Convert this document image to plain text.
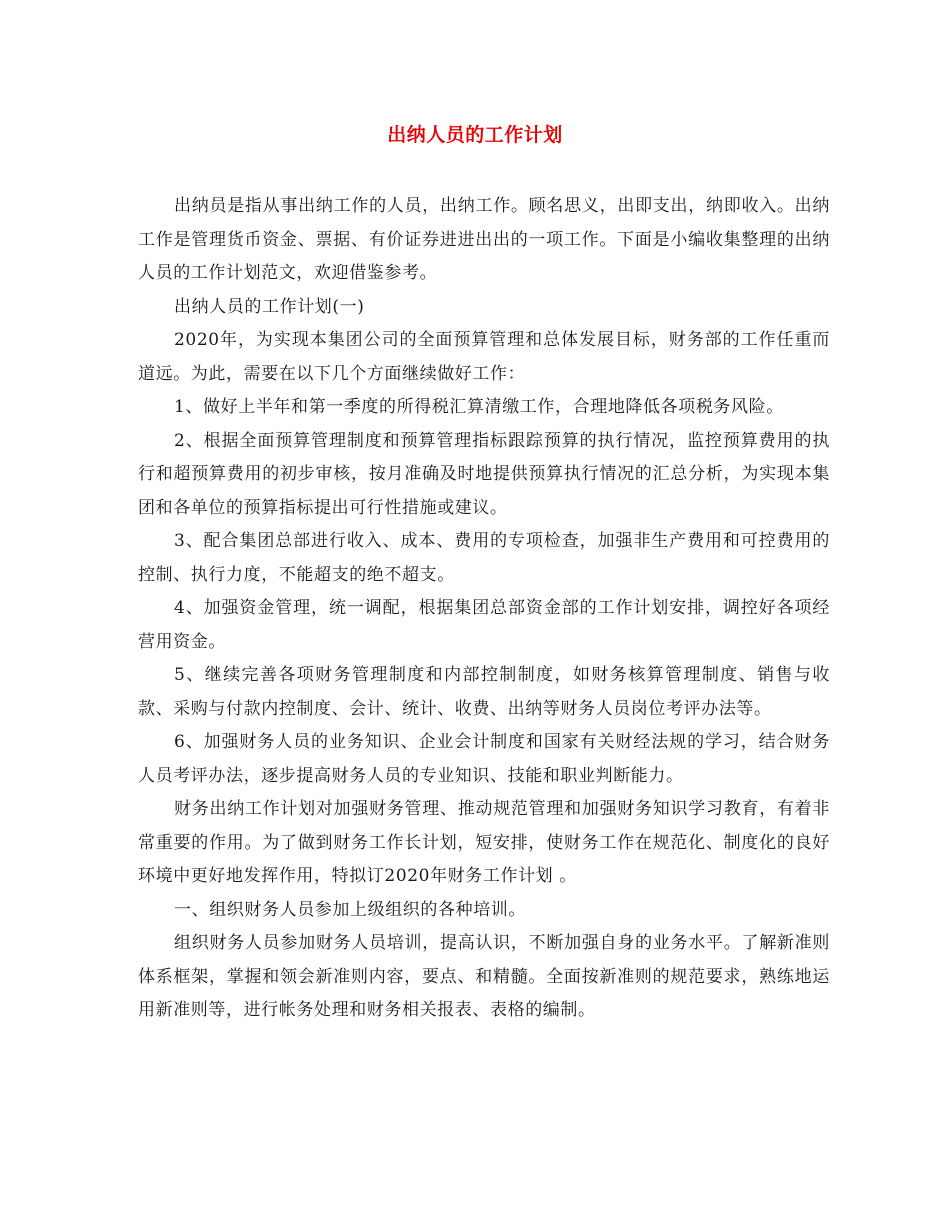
出纳人员的工作计划

出纳员是指从事出纳工作的人员，出纳工作。顾名思义，出即支出，纳即收入。出纳工作是管理货币资金、票据、有价证券进进出出的一项工作。下面是小编收集整理的出纳人员的工作计划范文，欢迎借鉴参考。

出纳人员的工作计划(一)

2020年，为实现本集团公司的全面预算管理和总体发展目标，财务部的工作任重而道远。为此，需要在以下几个方面继续做好工作：

1、做好上半年和第一季度的所得税汇算清缴工作，合理地降低各项税务风险。

2、根据全面预算管理制度和预算管理指标跟踪预算的执行情况，监控预算费用的执行和超预算费用的初步审核，按月准确及时地提供预算执行情况的汇总分析，为实现本集团和各单位的预算指标提出可行性措施或建议。

3、配合集团总部进行收入、成本、费用的专项检查，加强非生产费用和可控费用的控制、执行力度，不能超支的绝不超支。

4、加强资金管理，统一调配，根据集团总部资金部的工作计划安排，调控好各项经营用资金。

5、继续完善各项财务管理制度和内部控制制度，如财务核算管理制度、销售与收款、采购与付款内控制度、会计、统计、收费、出纳等财务人员岗位考评办法等。

6、加强财务人员的业务知识、企业会计制度和国家有关财经法规的学习，结合财务人员考评办法，逐步提高财务人员的专业知识、技能和职业判断能力。

财务出纳工作计划对加强财务管理、推动规范管理和加强财务知识学习教育，有着非常重要的作用。为了做到财务工作长计划，短安排，使财务工作在规范化、制度化的良好环境中更好地发挥作用，特拟订2020年财务工作计划 。

一、组织财务人员参加上级组织的各种培训。

组织财务人员参加财务人员培训，提高认识，不断加强自身的业务水平。了解新准则体系框架，掌握和领会新准则内容，要点、和精髓。全面按新准则的规范要求，熟练地运用新准则等，进行帐务处理和财务相关报表、表格的编制。
